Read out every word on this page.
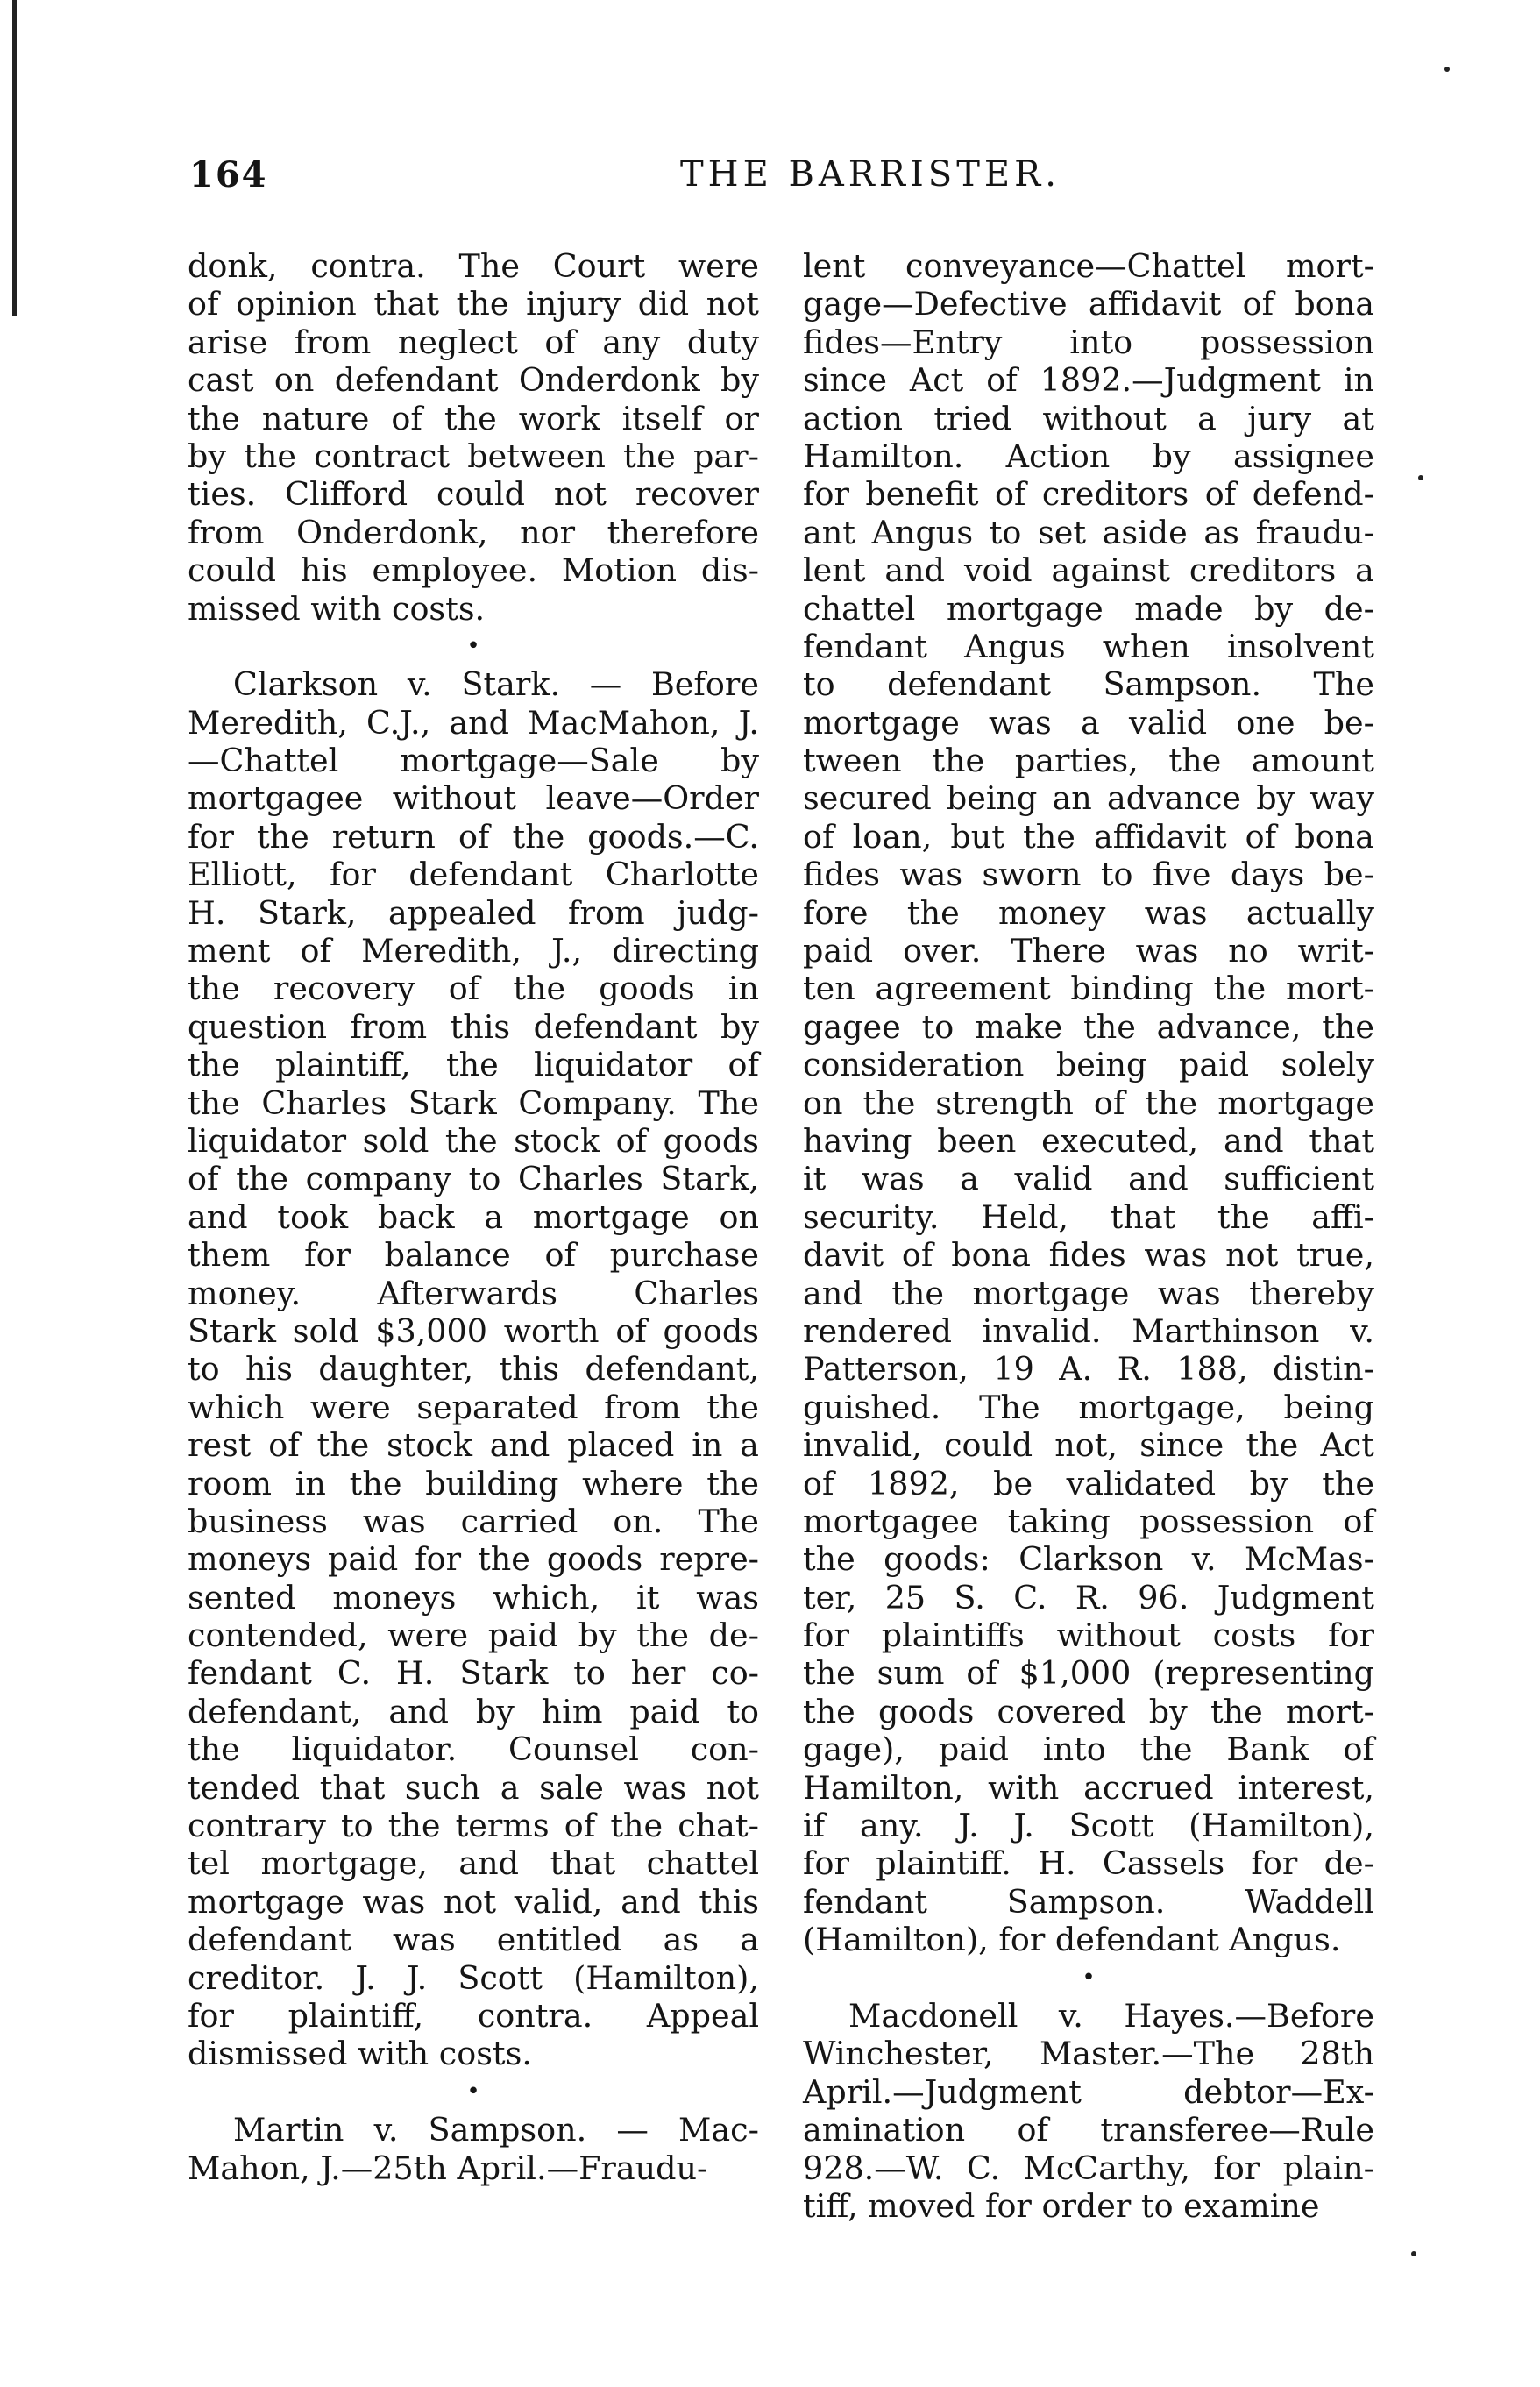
164	THE BARRISTER.
donk, contra. The Court were
of opinion that the injury did not
arise from neglect of any duty
cast on defendant Onderdonk by
the nature of the work itself or
by the contract between the par-
ties. Clifford could not recover
from Onderdonk, nor therefore
could his employee. Motion dis-
missed with costs.
•
Clarkson v. Stark. — Before
Meredith, C.J., and MacMahon, J.
—Chattel mortgage—Sale by
mortgagee without leave—Order
for the return of the goods.—C.
Elliott, for defendant Charlotte
H. Stark, appealed from judg-
ment of Meredith, J., directing
the recovery of the goods in
question from this defendant by
the plaintiff, the liquidator of
the Charles Stark Company. The
liquidator sold the stock of goods
of the company to Charles Stark,
and took back a mortgage on
them for balance of purchase
money. Afterwards Charles
Stark sold $3,000 worth of goods
to his daughter, this defendant,
which were separated from the
rest of the stock and placed in a
room in the building where the
business was carried on. The
moneys paid for the goods repre-
sented moneys which, it was
contended, were paid by the de-
fendant C. H. Stark to her co-
defendant, and by him paid to
the liquidator. Counsel con-
tended that such a sale was not
contrary to the terms of the chat-
tel mortgage, and that chattel
mortgage was not valid, and this
defendant was entitled as a
creditor. J. J. Scott (Hamilton),
for plaintiff, contra. Appeal
dismissed with costs.
•
Martin v. Sampson. — Mac-
Mahon, J.—25th April.—Fraudu-
lent conveyance—Chattel mort-
gage—Defective affidavit of bona
fides—Entry into possession
since Act of 1892.—Judgment in
action tried without a jury at
Hamilton. Action by assignee
for benefit of creditors of defend-
ant Angus to set aside as fraudu-
lent and void against creditors a
chattel mortgage made by de-
fendant Angus when insolvent
to defendant Sampson. The
mortgage was a valid one be-
tween the parties, the amount
secured being an advance by way
of loan, but the affidavit of bona
fides was sworn to five days be-
fore the money was actually
paid over. There was no writ-
ten agreement binding the mort-
gagee to make the advance, the
consideration being paid solely
on the strength of the mortgage
having been executed, and that
it was a valid and sufficient
security. Held, that the affi-
davit of bona fides was not true,
and the mortgage was thereby
rendered invalid. Marthinson v.
Patterson, 19 A. R. 188, distin-
guished. The mortgage, being
invalid, could not, since the Act
of 1892, be validated by the
mortgagee taking possession of
the goods: Clarkson v. McMas-
ter, 25 S. C. R. 96. Judgment
for plaintiffs without costs for
the sum of $1,000 (representing
the goods covered by the mort-
gage), paid into the Bank of
Hamilton, with accrued interest,
if any. J. J. Scott (Hamilton),
for plaintiff. H. Cassels for de-
fendant Sampson. Waddell
(Hamilton), for defendant Angus.
•
Macdonell v. Hayes.—Before
Winchester, Master.—The 28th
April.—Judgment	debtor—Ex-
amination of transferee—Rule
928.—W. C. McCarthy, for plain-
tiff, moved for order to examine
